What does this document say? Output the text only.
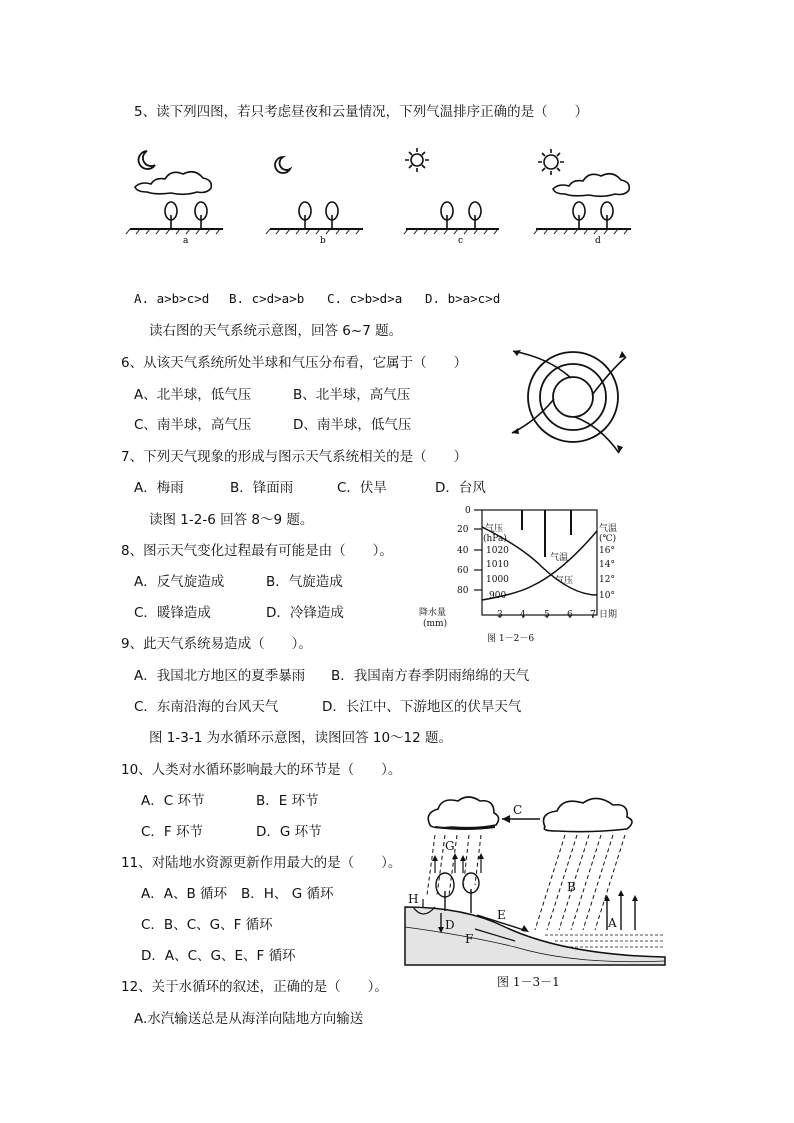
5、读下列四图，若只考虑昼夜和云量情况，下列气温排序正确的是（　　）
a	b	c	d
A. a>b>c>d B. c>d>a>b C. c>b>d>a D. b>a>c>d
读右图的天气系统示意图，回答 6~7 题。
6、从该天气系统所处半球和气压分布看，它属于（　　）
A、北半球，低气压	B、北半球，高气压
C、南半球，高气压	D、南半球，低气压
7、下列天气现象的形成与图示天气系统相关的是（　　）
A．梅雨	B．锋面雨	C．伏旱	D．台风
读图 1-2-6 回答 8～9 题。
8、图示天气变化过程最有可能是由（　　）。
A．反气旋造成	B．气旋造成
C．暖锋造成	D．冷锋造成
0
20
40
60
80
降水量
(mm)
气压
(hPa)
1020
1010
1000
900
气温
(℃)
16°
14°
12°
10°
气温
气压
3 4 5 6 7 日期
图 1－2－6
9、此天气系统易造成（　　）。
A．我国北方地区的夏季暴雨 B．我国南方春季阴雨绵绵的天气
C．东南沿海的台风天气	D．长江中、下游地区的伏旱天气
图 1-3-1 为水循环示意图，读图回答 10～12 题。
10、人类对水循环影响最大的环节是（　　）。
A．C 环节	B．E 环节
C．F 环节	D．G 环节
11、对陆地水资源更新作用最大的是（　　）。
A．A、B 循环 B．H、 G 循环
C．B、C、G、F 循环
D．A、C、G、E、F 循环
C
G
B
A
H
D
E
F
图 1－3－1
12、关于水循环的叙述，正确的是（　　）。
A.水汽输送总是从海洋向陆地方向输送
